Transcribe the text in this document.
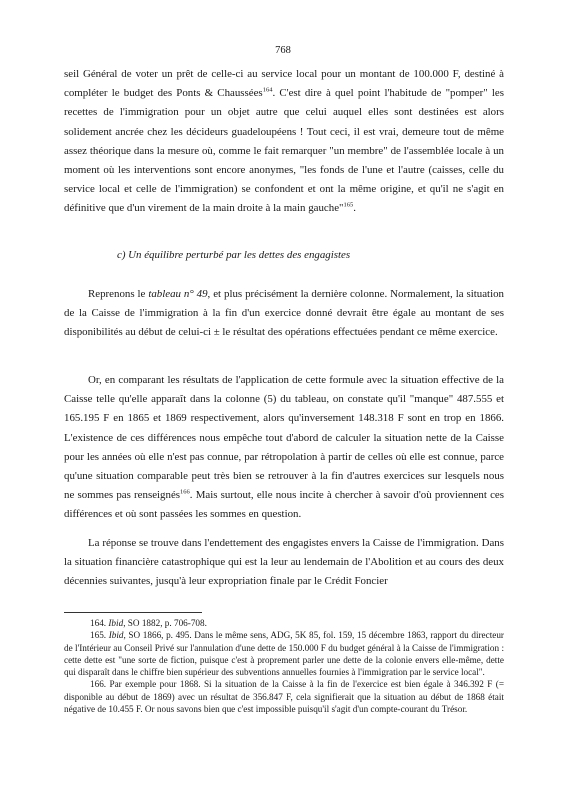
768

seil Général de voter un prêt de celle-ci au service local pour un montant de 100.000 F, destiné à compléter le budget des Ponts & Chaussées$^{164}$. C'est dire à quel point l'habitude de "pomper" les recettes de l'immigration pour un objet autre que celui auquel elles sont destinées est alors solidement ancrée chez les décideurs guadeloupéens ! Tout ceci, il est vrai, demeure tout de même assez théorique dans la mesure où, comme le fait remarquer "un membre" de l'assemblée locale à un moment où les interventions sont encore anonymes, "les fonds de l'une et l'autre (caisses, celle du service local et celle de l'immigration) se confondent et ont la même origine, et qu'il ne s'agit en définitive que d'un virement de la main droite à la main gauche"$^{165}$.

c) Un équilibre perturbé par les dettes des engagistes

Reprenons le tableau n° 49, et plus précisément la dernière colonne. Normalement, la situation de la Caisse de l'immigration à la fin d'un exercice donné devrait être égale au montant de ses disponibilités au début de celui-ci ± le résultat des opérations effectuées pendant ce même exercice.

Or, en comparant les résultats de l'application de cette formule avec la situation effective de la Caisse telle qu'elle apparaît dans la colonne (5) du tableau, on constate qu'il "manque" 487.555 et 165.195 F en 1865 et 1869 respectivement, alors qu'inversement 148.318 F sont en trop en 1866. L'existence de ces différences nous empêche tout d'abord de calculer la situation nette de la Caisse pour les années où elle n'est pas connue, par rétropolation à partir de celles où elle est connue, parce qu'une situation comparable peut très bien se retrouver à la fin d'autres exercices sur lesquels nous ne sommes pas renseignés$^{166}$. Mais surtout, elle nous incite à chercher à savoir d'où proviennent ces différences et où sont passées les sommes en question.

La réponse se trouve dans l'endettement des engagistes envers la Caisse de l'immigration. Dans la situation financière catastrophique qui est la leur au lendemain de l'Abolition et au cours des deux décennies suivantes, jusqu'à leur expropriation finale par le Crédit Foncier

164. Ibid, SO 1882, p. 706-708.

165. Ibid, SO 1866, p. 495. Dans le même sens, ADG, 5K 85, fol. 159, 15 décembre 1863, rapport du directeur de l'Intérieur au Conseil Privé sur l'annulation d'une dette de 150.000 F du budget général à la Caisse de l'immigration : cette dette est "une sorte de fiction, puisque c'est à proprement parler une dette de la colonie envers elle-même, dette qui disparaît dans le chiffre bien supérieur des subventions annuelles fournies à l'immigration par le service local".

166. Par exemple pour 1868. Si la situation de la Caisse à la fin de l'exercice est bien égale à 346.392 F (= disponible au début de 1869) avec un résultat de 356.847 F, cela signifierait que la situation au début de 1868 était négative de 10.455 F. Or nous savons bien que c'est impossible puisqu'il s'agit d'un compte-courant du Trésor.
